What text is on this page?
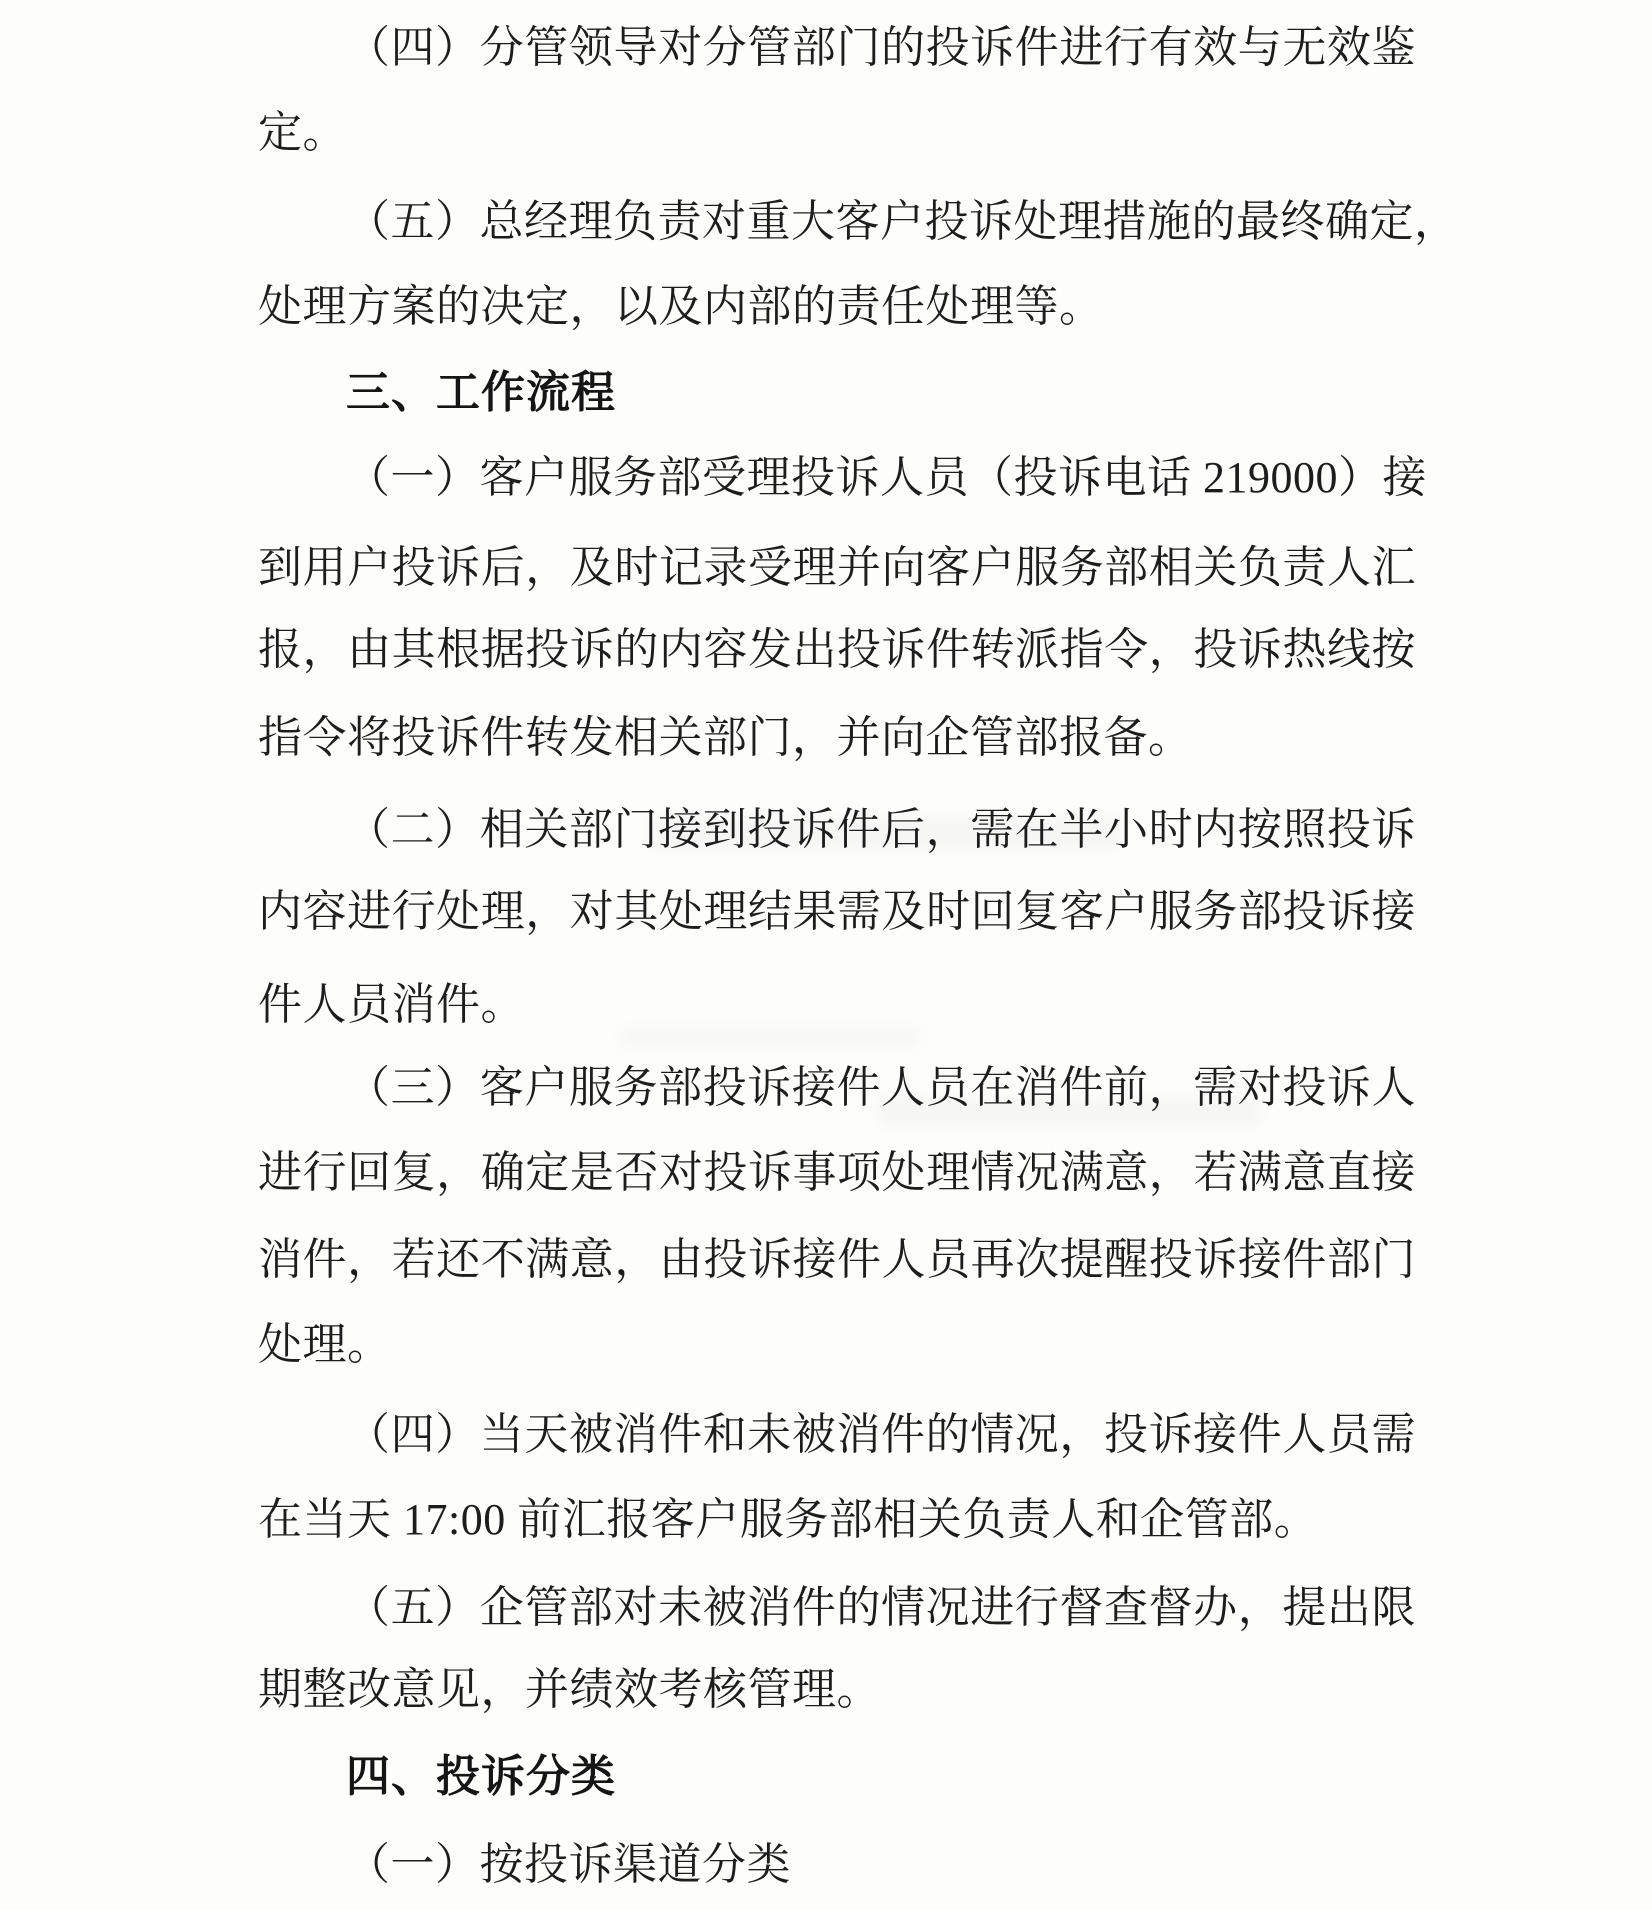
（四）分管领导对分管部门的投诉件进行有效与无效鉴
定。
（五）总经理负责对重大客户投诉处理措施的最终确定，
处理方案的决定，以及内部的责任处理等。
三、工作流程
（一）客户服务部受理投诉人员（投诉电话 219000）接
到用户投诉后，及时记录受理并向客户服务部相关负责人汇
报，由其根据投诉的内容发出投诉件转派指令，投诉热线按
指令将投诉件转发相关部门，并向企管部报备。
（二）相关部门接到投诉件后，需在半小时内按照投诉
内容进行处理，对其处理结果需及时回复客户服务部投诉接
件人员消件。
（三）客户服务部投诉接件人员在消件前，需对投诉人
进行回复，确定是否对投诉事项处理情况满意，若满意直接
消件，若还不满意，由投诉接件人员再次提醒投诉接件部门
处理。
（四）当天被消件和未被消件的情况，投诉接件人员需
在当天 17:00 前汇报客户服务部相关负责人和企管部。
（五）企管部对未被消件的情况进行督查督办，提出限
期整改意见，并绩效考核管理。
四、投诉分类
（一）按投诉渠道分类
